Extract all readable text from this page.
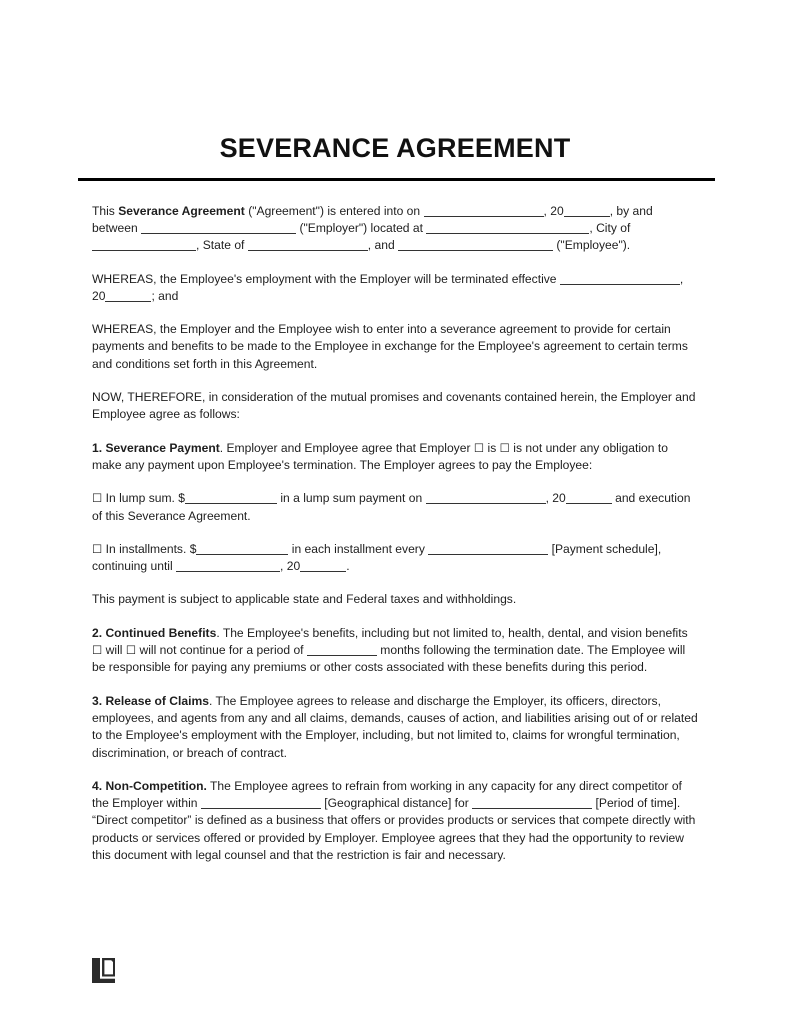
SEVERANCE AGREEMENT

This Severance Agreement ("Agreement") is entered into on	, 20	, by and between	("Employer") located at	, City of , State of	, and	("Employee").

WHEREAS, the Employee's employment with the Employer will be terminated effective	, 20	; and

WHEREAS, the Employer and the Employee wish to enter into a severance agreement to provide for certain payments and benefits to be made to the Employee in exchange for the Employee's agreement to certain terms and conditions set forth in this Agreement.

NOW, THEREFORE, in consideration of the mutual promises and covenants contained herein, the Employer and Employee agree as follows:

1. Severance Payment. Employer and Employee agree that Employer ☐ is ☐ is not under any obligation to make any payment upon Employee's termination. The Employer agrees to pay the Employee:

☐ In lump sum. $	in a lump sum payment on	, 20	and execution of this Severance Agreement.

☐ In installments. $	in each installment every	[Payment schedule], continuing until	, 20	.

This payment is subject to applicable state and Federal taxes and withholdings.

2. Continued Benefits. The Employee's benefits, including but not limited to, health, dental, and vision benefits ☐ will ☐ will not continue for a period of	months following the termination date. The Employee will be responsible for paying any premiums or other costs associated with these benefits during this period.

3. Release of Claims. The Employee agrees to release and discharge the Employer, its officers, directors, employees, and agents from any and all claims, demands, causes of action, and liabilities arising out of or related to the Employee's employment with the Employer, including, but not limited to, claims for wrongful termination, discrimination, or breach of contract.

4. Non-Competition. The Employee agrees to refrain from working in any capacity for any direct competitor of the Employer within	[Geographical distance] for	[Period of time]. “Direct competitor” is defined as a business that offers or provides products or services that compete directly with products or services offered or provided by Employer. Employee agrees that they had the opportunity to review this document with legal counsel and that the restriction is fair and necessary.
